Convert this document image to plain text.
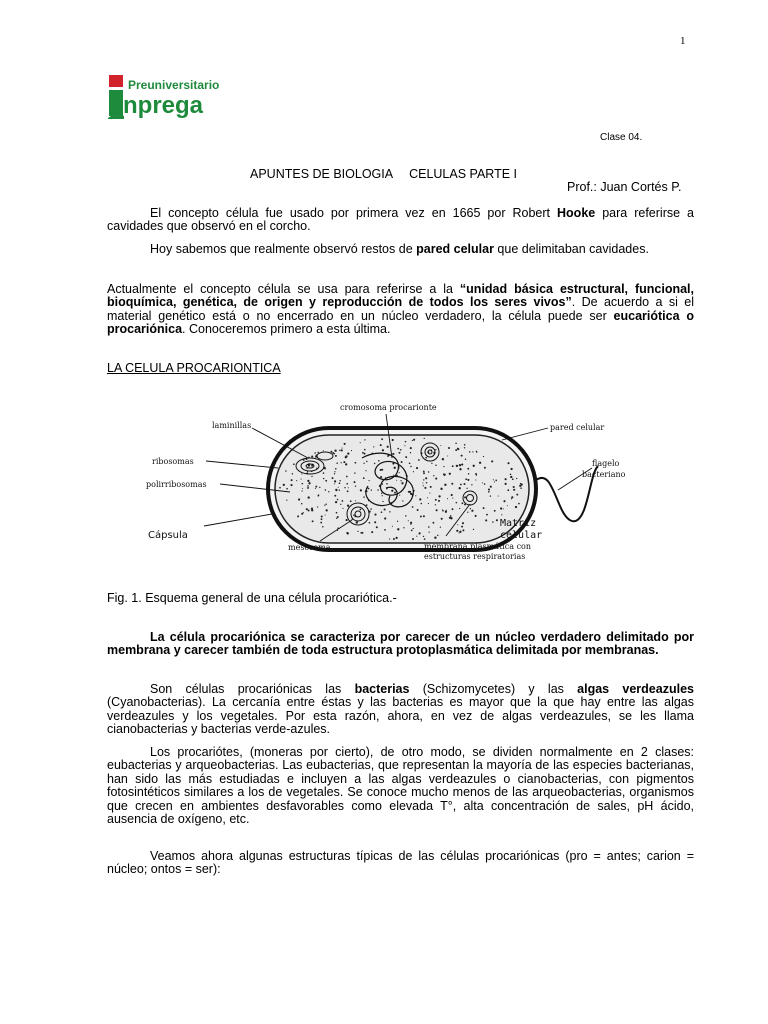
1
Preuniversitario
nprega
Clase 04.
APUNTES DE BIOLOGIA CELULAS PARTE I
Prof.: Juan Cortés P.
El concepto célula fue usado por primera vez en 1665 por Robert Hooke para referirse a cavidades que observó en el corcho.
Hoy sabemos que realmente observó restos de pared celular que delimitaban cavidades.
Actualmente el concepto célula se usa para referirse a la “unidad básica estructural, funcional, bioquímica, genética, de origen y reproducción de todos los seres vivos”. De acuerdo a si el material genético está o no encerrado en un núcleo verdadero, la célula puede ser eucariótica o procariónica. Conoceremos primero a esta última.
LA CELULA PROCARIONTICA
laminillas
cromosoma procarionte
pared celular
ribosomas	flagelo
bacteriano
polirribosomas
Cápsula
Matriz
celular
mesosoma	membrana plasmática con
estructuras respiratorias
Fig. 1. Esquema general de una célula procariótica.-
La célula procariónica se caracteriza por carecer de un núcleo verdadero delimitado por membrana y carecer también de toda estructura protoplasmática delimitada por membranas.
Son células procariónicas las bacterias (Schizomycetes) y las algas verdeazules (Cyanobacterias). La cercanía entre éstas y las bacterias es mayor que la que hay entre las algas verdeazules y los vegetales. Por esta razón, ahora, en vez de algas verdeazules, se les llama cianobacterias y bacterias verde-azules.
Los procariótes, (moneras por cierto), de otro modo, se dividen normalmente en 2 clases: eubacterias y arqueobacterias. Las eubacterias, que representan la mayoría de las especies bacterianas, han sido las más estudiadas e incluyen a las algas verdeazules o cianobacterias, con pigmentos fotosintéticos similares a los de vegetales. Se conoce mucho menos de las arqueobacterias, organismos que crecen en ambientes desfavorables como elevada T°, alta concentración de sales, pH ácido, ausencia de oxígeno, etc.
Veamos ahora algunas estructuras típicas de las células procariónicas (pro = antes; carion = núcleo; ontos = ser):
